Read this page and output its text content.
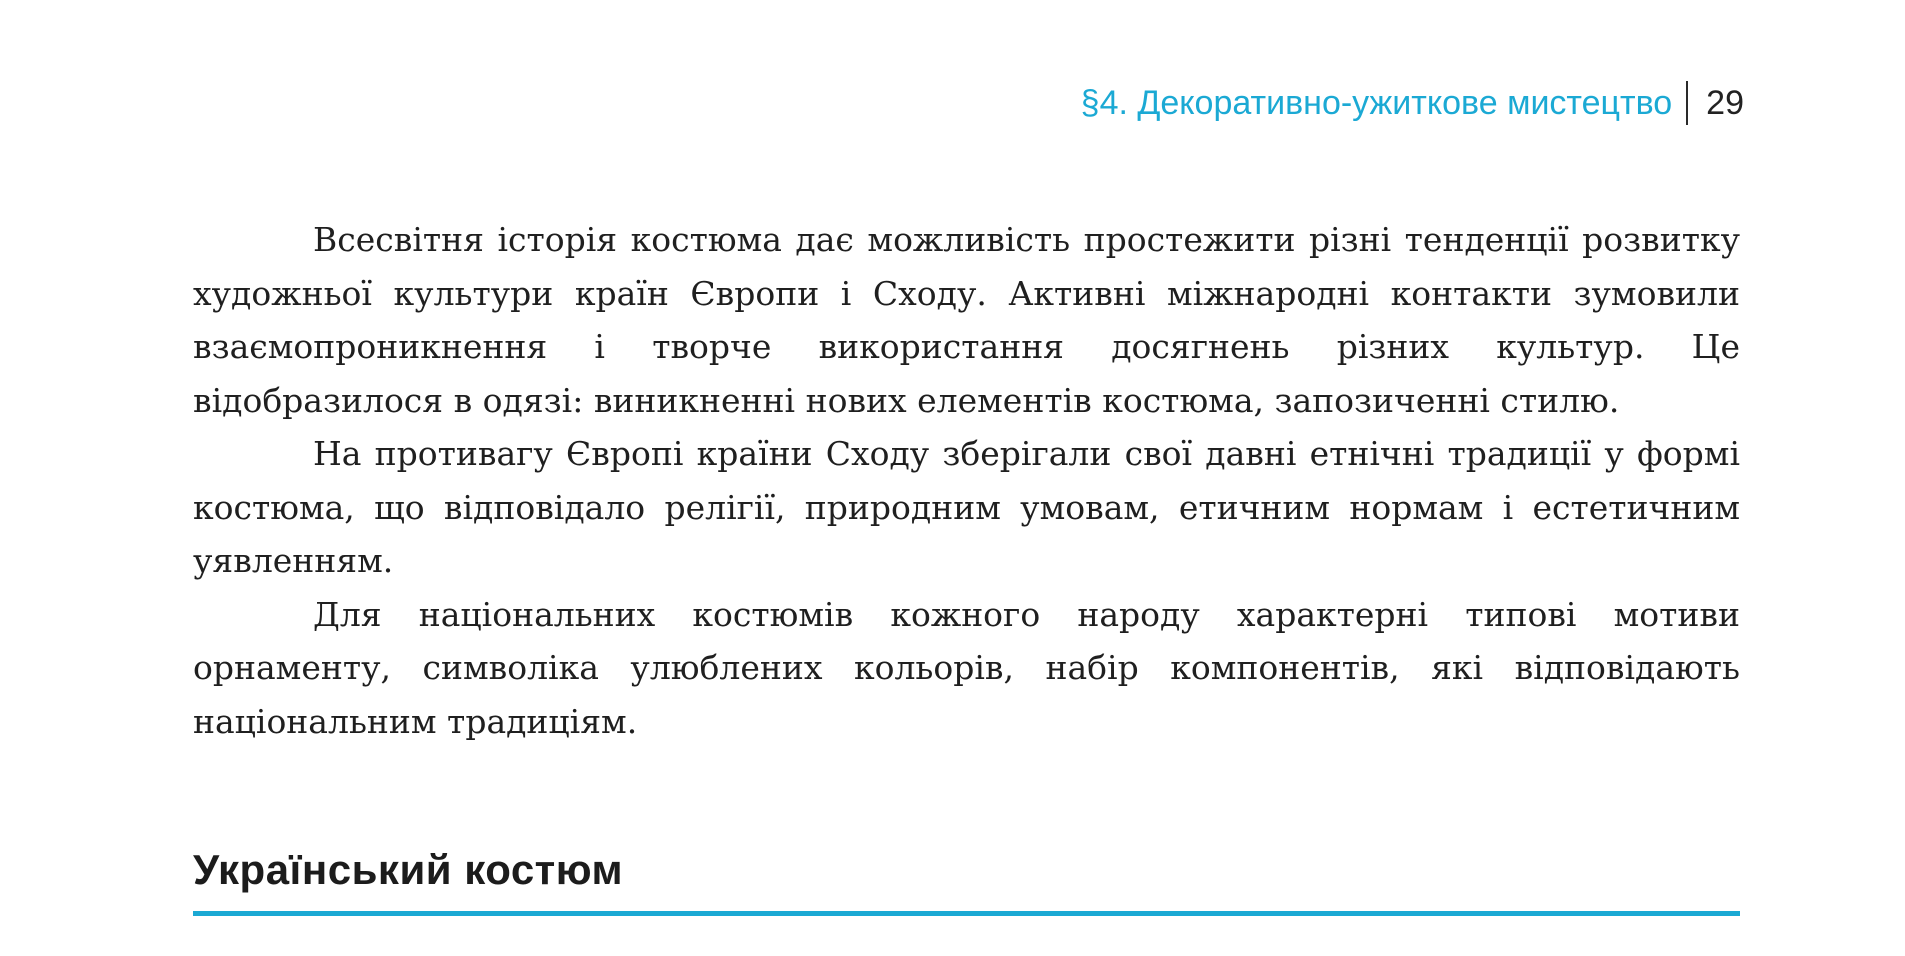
§4. Декоративно-ужиткове мистецтво 29

Всесвітня історія костюма дає можливість простежити різні тенденції розвитку художньої культури країн Європи і Сходу. Активні міжнародні контакти зумовили взаємопроникнення і творче використання досягнень різних культур. Це відобразилося в одязі: виникненні нових елементів костюма, запозиченні стилю.

На противагу Європі країни Сходу зберігали свої давні етнічні традиції у формі костюма, що відповідало релігії, природним умовам, етичним нормам і естетичним уявленням.

Для національних костюмів кожного народу характерні типові мотиви орнаменту, символіка улюблених кольорів, набір компонентів, які відповідають національним традиціям.

Український костюм
